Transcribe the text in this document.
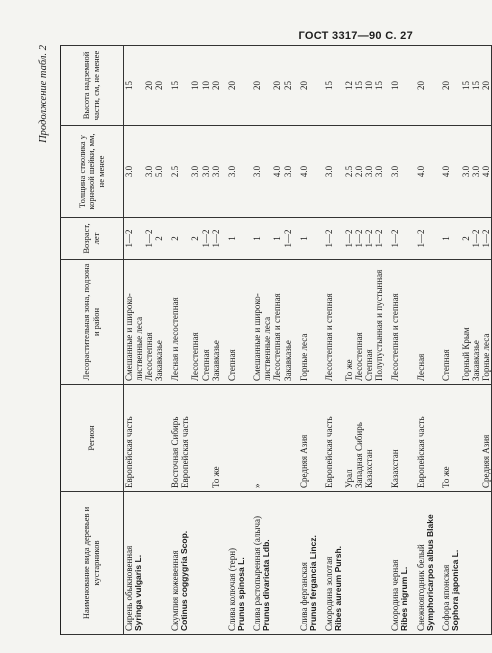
ГОСТ 3317—90 С. 27
Продолжение табл. 2
Наименование вида деревьев и кустарников	Регион	Лесорастительная зона, подзона и район	Возраст, лет	Толщина стволика у корневой шейки, мм, не менее	Высота надземной части, см, не менее

Сирень обыкновенная Syringa vulgaris L.	Европейская часть	Смешанные и широко-лиственные леса	1—2	3.0	15
		Лесостепная	1—2	3.0	20
		Закавказье	2	5.0	20

Скумпия кожевенная Cotinus coggygria Scop.	Восточная Сибирь Европейская часть	Лесная и лесостепная	2	2.5	15
		Лесостепная	2	3.0	10
		Степная	1—2	3.0	10
	То же	Закавказье	1—2	3.0	20

Слива колючая (терн) Prunus spinosa L.		Степная	1	3.0	20

Слива растопыренная (алыча) Prunus divaricata Ldb.	»	Смешанные и широко-лиственные леса	1	3.0	20
		Лесостепная и степная	1	4.0	20
		Закавказье	1—2	3.0	25

Слива ферганская Prunus fergancia Lincz.	Средняя Азия	Горные леса	1	4.0	20

Смородина золотая Ribes aureum Pursh.	Европейская часть	Лесостепная и степная	1—2	3.0	15
	Урал	То же	1—2	2.5	12
	Западная Сибирь	Лесостепная	1—2	2.0	15
	Казахстан	Степная	1—2	3.0	10
		Полупустынная и пустынная	1—2	3.0	15

Смородина черная Ribes nigrum L.	Казахстан	Лесостепная и степная	1—2	3.0	10

Снежноягодник белый Symphoricarpos albus Blake	Европейская часть	Лесная	1—2	4.0	20

Софора японская Sophora japonica L.	То же	Степная	1	4.0	20
		Горный Крым	2	3.0	15
		Закавказье	1—2	3.0	15
	Средняя Азия	Горные леса	1—2	4.0	20
